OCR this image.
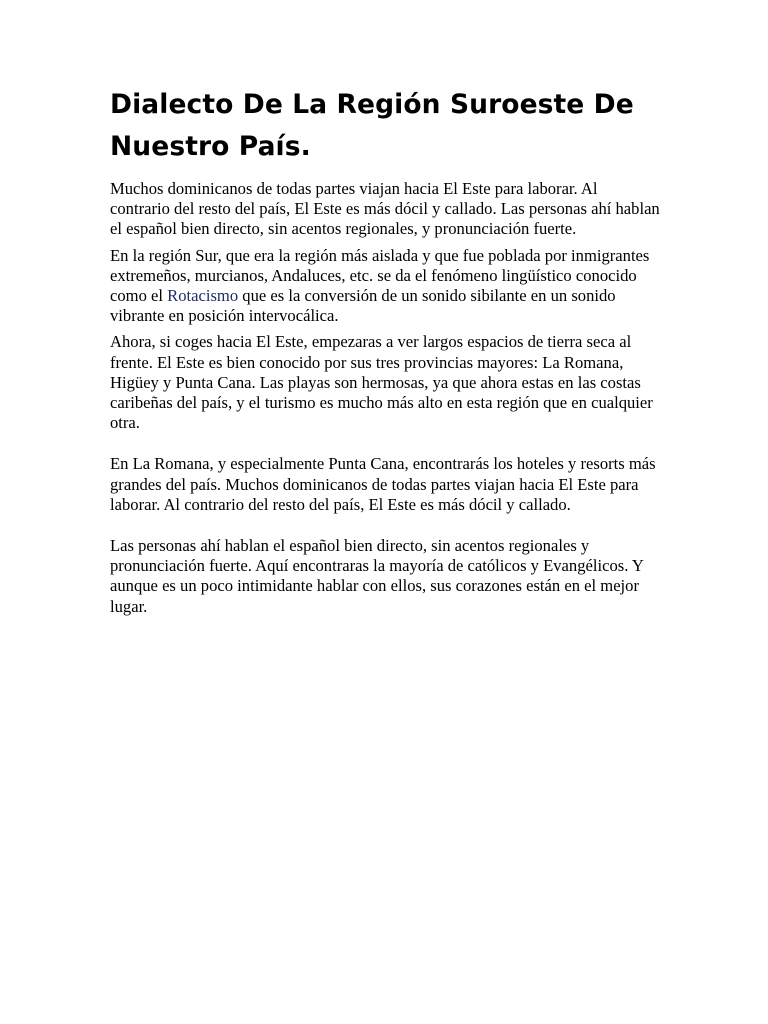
Dialecto De La Región Suroeste De
Nuestro País.

Muchos dominicanos de todas partes viajan hacia El Este para laborar. Al contrario del resto del país, El Este es más dócil y callado. Las personas ahí hablan el español bien directo, sin acentos regionales, y pronunciación fuerte.

En la región Sur, que era la región más aislada y que fue poblada por inmigrantes extremeños, murcianos, Andaluces, etc. se da el fenómeno lingüístico conocido como el Rotacismo que es la conversión de un sonido sibilante en un sonido vibrante en posición intervocálica.

Ahora, si coges hacia El Este, empezaras a ver largos espacios de tierra seca al frente. El Este es bien conocido por sus tres provincias mayores: La Romana, Higüey y Punta Cana. Las playas son hermosas, ya que ahora estas en las costas caribeñas del país, y el turismo es mucho más alto en esta región que en cualquier otra.

En La Romana, y especialmente Punta Cana, encontrarás los hoteles y resorts más grandes del país. Muchos dominicanos de todas partes viajan hacia El Este para laborar. Al contrario del resto del país, El Este es más dócil y callado.

Las personas ahí hablan el español bien directo, sin acentos regionales y pronunciación fuerte. Aquí encontraras la mayoría de católicos y Evangélicos. Y aunque es un poco intimidante hablar con ellos, sus corazones están en el mejor lugar.
